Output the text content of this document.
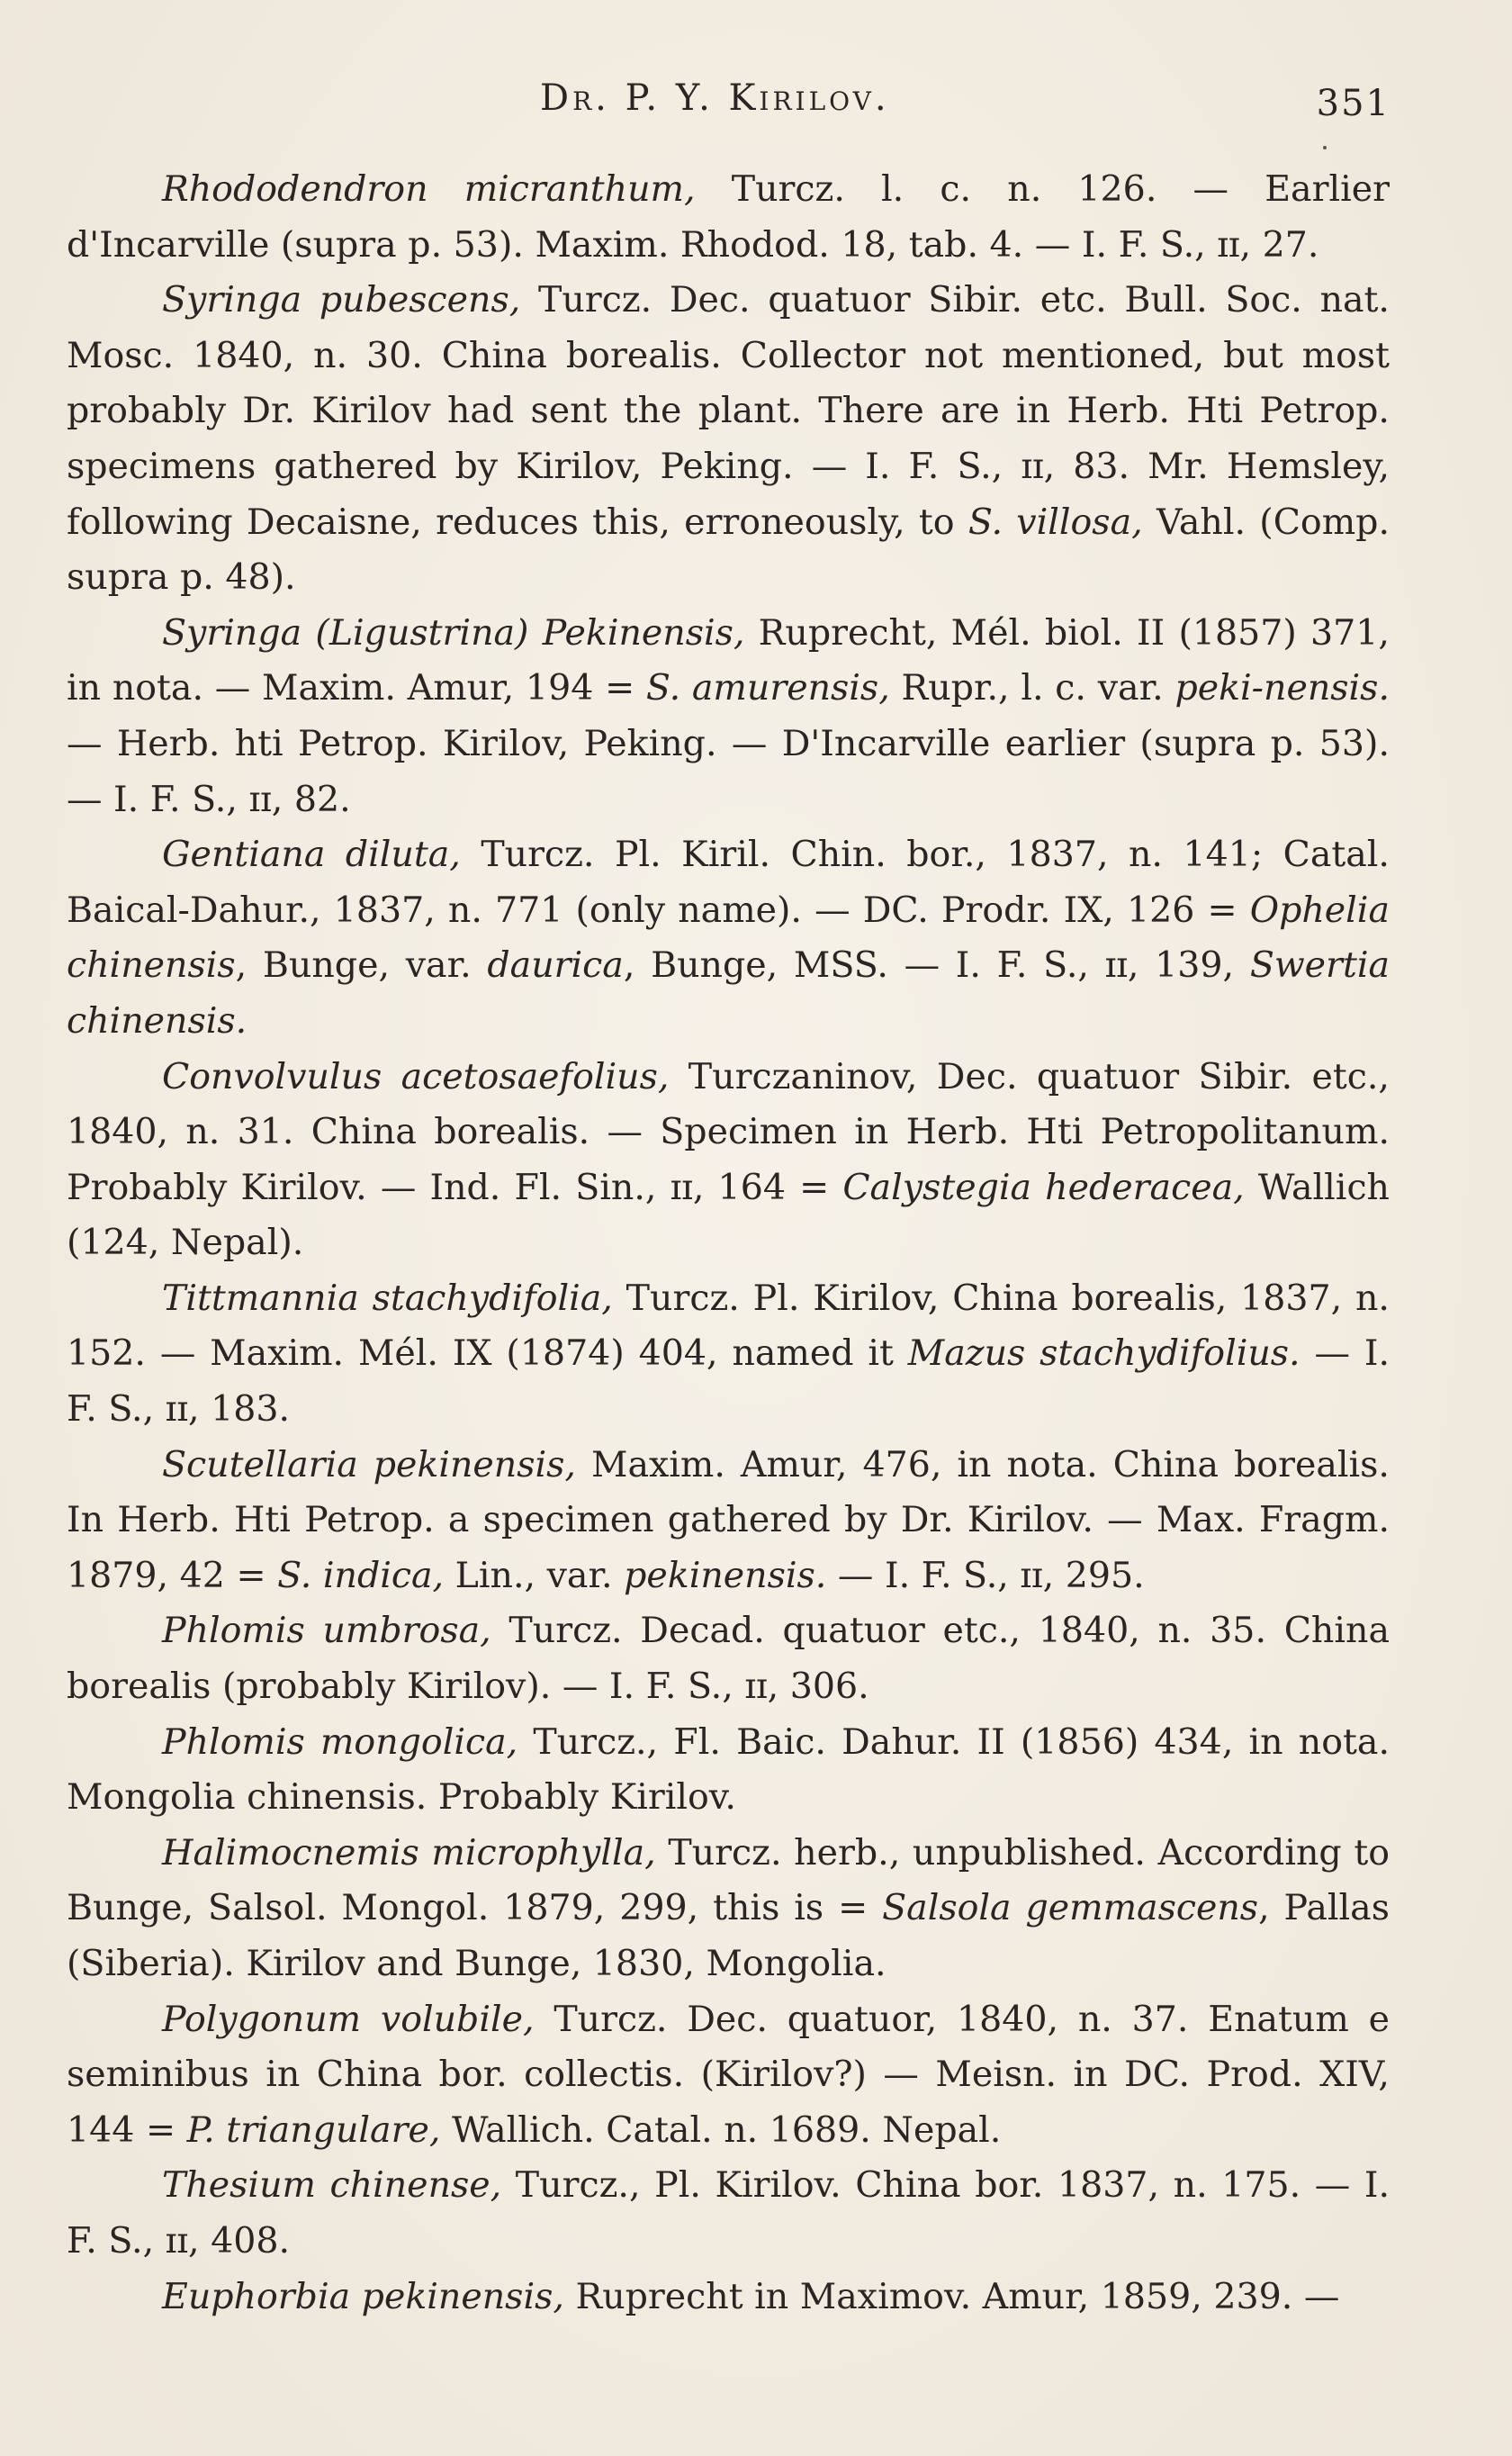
Dr. P. Y. Kirilov.	351

Rhododendron micranthum, Turcz. l. c. n. 126. — Earlier d'Incarville (supra p. 53). Maxim. Rhodod. 18, tab. 4. — I. F. S., ɪɪ, 27.

Syringa pubescens, Turcz. Dec. quatuor Sibir. etc. Bull. Soc. nat. Mosc. 1840, n. 30. China borealis. Collector not mentioned, but most probably Dr. Kirilov had sent the plant. There are in Herb. Hti Petrop. specimens gathered by Kirilov, Peking. — I. F. S., ɪɪ, 83. Mr. Hemsley, following Decaisne, reduces this, erroneously, to S. villosa, Vahl. (Comp. supra p. 48).

Syringa (Ligustrina) Pekinensis, Ruprecht, Mél. biol. II (1857) 371, in nota. — Maxim. Amur, 194 = S. amurensis, Rupr., l. c. var. peki-nensis. — Herb. hti Petrop. Kirilov, Peking. — D'Incarville earlier (supra p. 53). — I. F. S., ɪɪ, 82.

Gentiana diluta, Turcz. Pl. Kiril. Chin. bor., 1837, n. 141; Catal. Baical-Dahur., 1837, n. 771 (only name). — DC. Prodr. IX, 126 = Ophelia chinensis, Bunge, var. daurica, Bunge, MSS. — I. F. S., ɪɪ, 139, Swertia chinensis.

Convolvulus acetosaefolius, Turczaninov, Dec. quatuor Sibir. etc., 1840, n. 31. China borealis. — Specimen in Herb. Hti Petropolitanum. Probably Kirilov. — Ind. Fl. Sin., ɪɪ, 164 = Calystegia hederacea, Wallich (124, Nepal).

Tittmannia stachydifolia, Turcz. Pl. Kirilov, China borealis, 1837, n. 152. — Maxim. Mél. IX (1874) 404, named it Mazus stachydifolius. — I. F. S., ɪɪ, 183.

Scutellaria pekinensis, Maxim. Amur, 476, in nota. China borealis. In Herb. Hti Petrop. a specimen gathered by Dr. Kirilov. — Max. Fragm. 1879, 42 = S. indica, Lin., var. pekinensis. — I. F. S., ɪɪ, 295.

Phlomis umbrosa, Turcz. Decad. quatuor etc., 1840, n. 35. China borealis (probably Kirilov). — I. F. S., ɪɪ, 306.

Phlomis mongolica, Turcz., Fl. Baic. Dahur. II (1856) 434, in nota. Mongolia chinensis. Probably Kirilov.

Halimocnemis microphylla, Turcz. herb., unpublished. According to Bunge, Salsol. Mongol. 1879, 299, this is = Salsola gemmascens, Pallas (Siberia). Kirilov and Bunge, 1830, Mongolia.

Polygonum volubile, Turcz. Dec. quatuor, 1840, n. 37. Enatum e seminibus in China bor. collectis. (Kirilov?) — Meisn. in DC. Prod. XIV, 144 = P. triangulare, Wallich. Catal. n. 1689. Nepal.

Thesium chinense, Turcz., Pl. Kirilov. China bor. 1837, n. 175. — I. F. S., ɪɪ, 408.

Euphorbia pekinensis, Ruprecht in Maximov. Amur, 1859, 239. —
